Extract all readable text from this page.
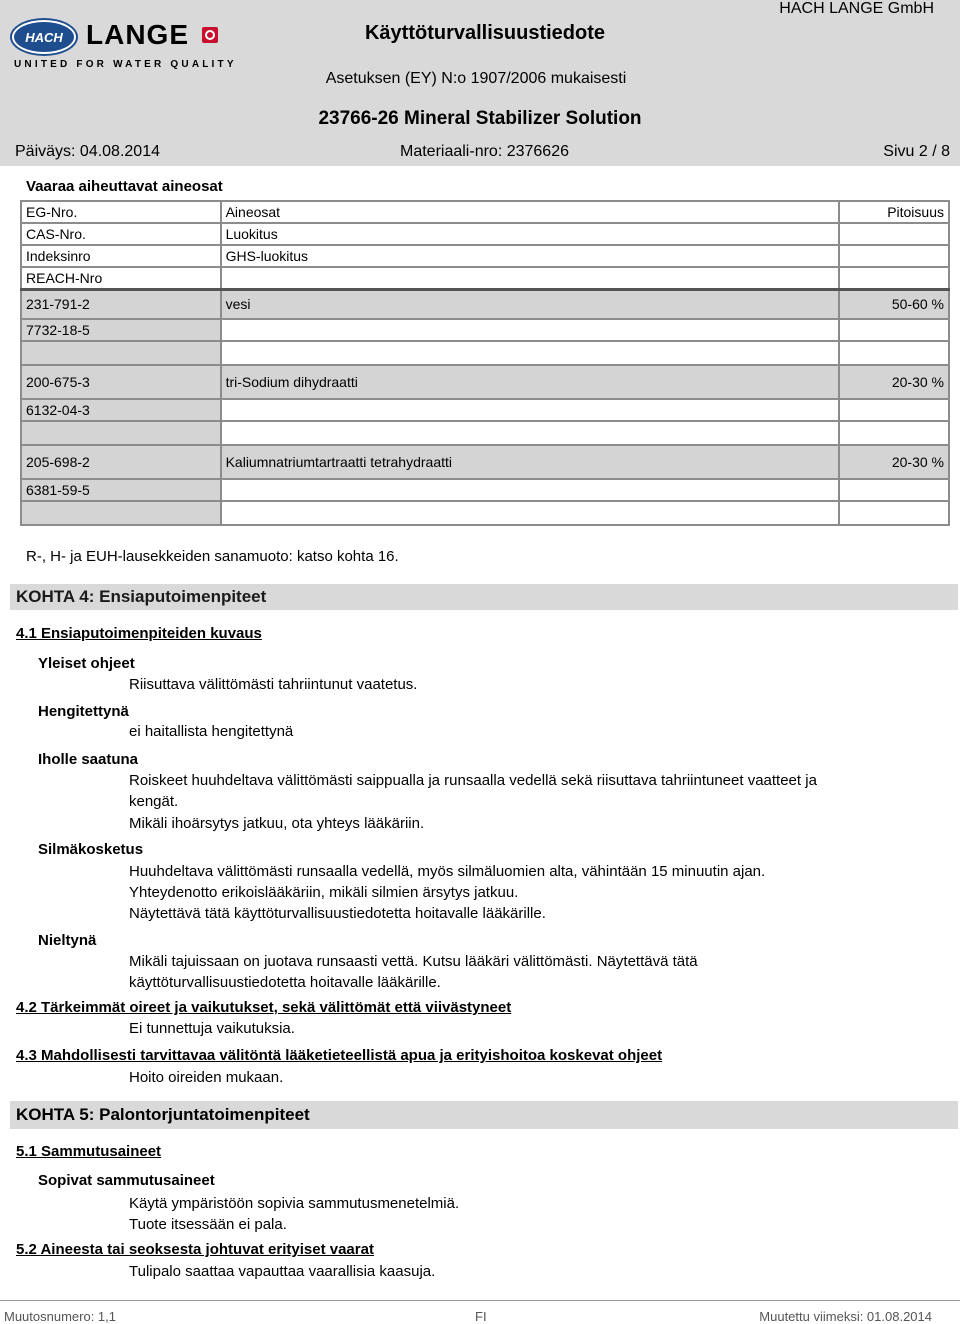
HACH LANGE
UNITED FOR WATER QUALITY
Käyttöturvallisuustiedote
HACH LANGE GmbH
Asetuksen (EY) N:o 1907/2006 mukaisesti
23766-26 Mineral Stabilizer Solution
Päiväys: 04.08.2014	Materiaali-nro: 2376626	Sivu 2 / 8
Vaaraa aiheuttavat aineosat
EG-Nro.	Aineosat	Pitoisuus
CAS-Nro.	Luokitus	
Indeksinro	GHS-luokitus	
REACH-Nro		
231-791-2	vesi	50-60 %
7732-18-5		

200-675-3	tri-Sodium dihydraatti	20-30 %
6132-04-3		

205-698-2	Kaliumnatriumtartraatti tetrahydraatti	20-30 %
6381-59-5		

R-, H- ja EUH-lausekkeiden sanamuoto: katso kohta 16.
KOHTA 4: Ensiaputoimenpiteet
4.1 Ensiaputoimenpiteiden kuvaus
Yleiset ohjeet
Riisuttava välittömästi tahriintunut vaatetus.
Hengitettynä
ei haitallista hengitettynä
Iholle saatuna
Roiskeet huuhdeltava välittömästi saippualla ja runsaalla vedellä sekä riisuttava tahriintuneet vaatteet ja kengät.
Mikäli ihoärsytys jatkuu, ota yhteys lääkäriin.
Silmäkosketus
Huuhdeltava välittömästi runsaalla vedellä, myös silmäluomien alta, vähintään 15 minuutin ajan.
Yhteydenotto erikoislääkäriin, mikäli silmien ärsytys jatkuu.
Näytettävä tätä käyttöturvallisuustiedotetta hoitavalle lääkärille.
Nieltynä
Mikäli tajuissaan on juotava runsaasti vettä. Kutsu lääkäri välittömästi. Näytettävä tätä käyttöturvallisuustiedotetta hoitavalle lääkärille.
4.2 Tärkeimmät oireet ja vaikutukset, sekä välittömät että viivästyneet
Ei tunnettuja vaikutuksia.
4.3 Mahdollisesti tarvittavaa välitöntä lääketieteellistä apua ja erityishoitoa koskevat ohjeet
Hoito oireiden mukaan.
KOHTA 5: Palontorjuntatoimenpiteet
5.1 Sammutusaineet
Sopivat sammutusaineet
Käytä ympäristöön sopivia sammutusmenetelmiä.
Tuote itsessään ei pala.
5.2 Aineesta tai seoksesta johtuvat erityiset vaarat
Tulipalo saattaa vapauttaa vaarallisia kaasuja.
Muutosnumero: 1,1	FI	Muutettu viimeksi: 01.08.2014
